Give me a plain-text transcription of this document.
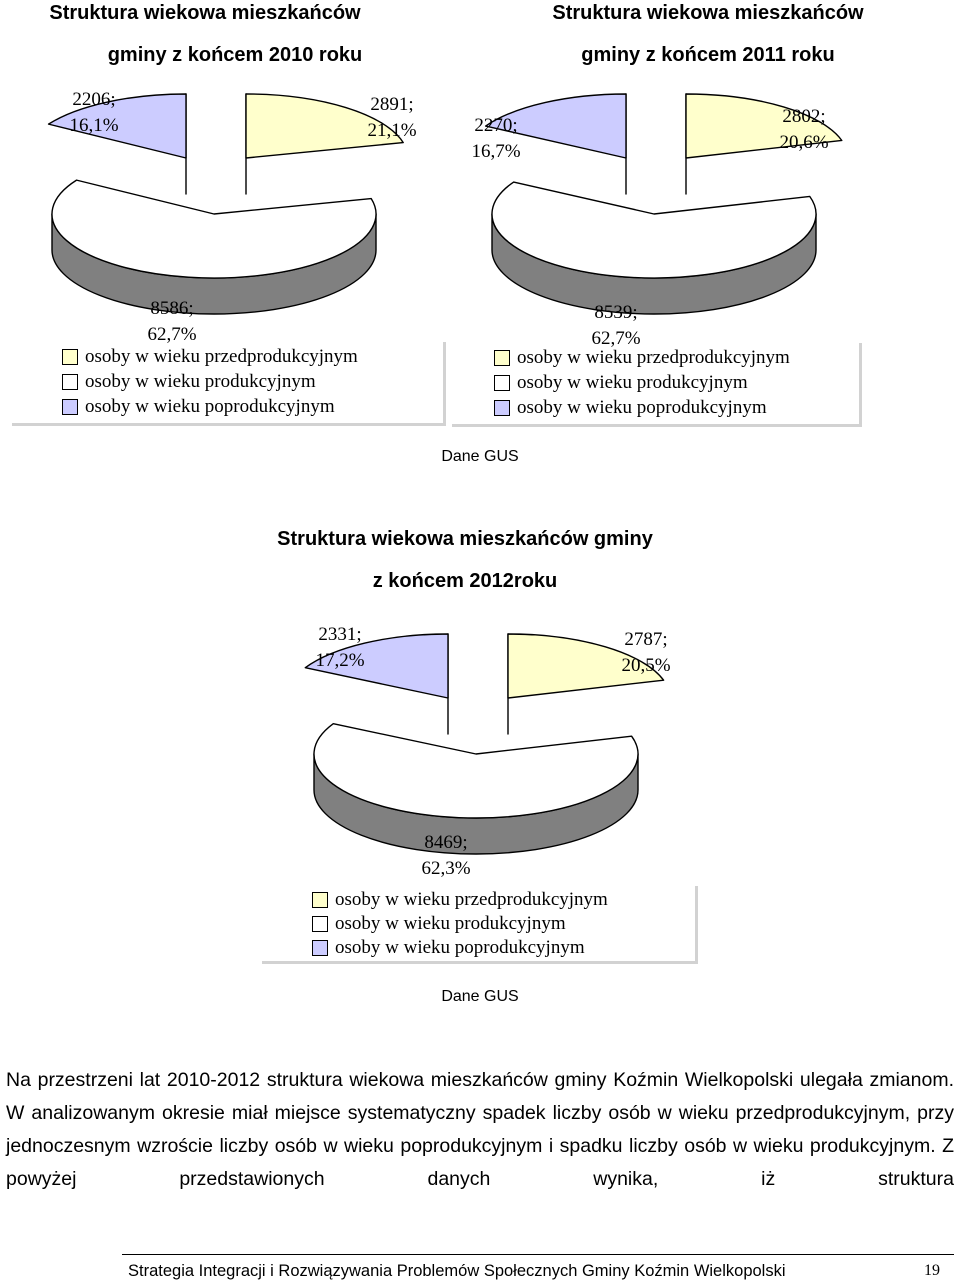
Struktura wiekowa mieszkańców
gminy z końcem 2010 roku
2206;
16,1%
2891;
21,1%
8586;
62,7%
osoby w wieku przedprodukcyjnym
osoby w wieku produkcyjnym
osoby w wieku poprodukcyjnym
Struktura wiekowa mieszkańców
gminy z końcem 2011 roku
2270;
16,7%
2802;
20,6%
8539;
62,7%
osoby w wieku przedprodukcyjnym
osoby w wieku produkcyjnym
osoby w wieku poprodukcyjnym
Dane GUS
Struktura wiekowa mieszkańców gminy
z końcem 2012roku
2331;
17,2%
2787;
20,5%
8469;
62,3%
osoby w wieku przedprodukcyjnym
osoby w wieku produkcyjnym
osoby w wieku poprodukcyjnym
Dane GUS
Na przestrzeni lat 2010-2012 struktura wiekowa mieszkańców gminy Koźmin Wielkopolski ulegała zmianom. W analizowanym okresie miał miejsce systematyczny spadek liczby osób w wieku przedprodukcyjnym, przy jednoczesnym wzroście liczby osób w wieku poprodukcyjnym i spadku liczby osób w wieku produkcyjnym. Z powyżej przedstawionych danych wynika, iż struktura
Strategia Integracji i Rozwiązywania Problemów Społecznych Gminy Koźmin Wielkopolski	19
